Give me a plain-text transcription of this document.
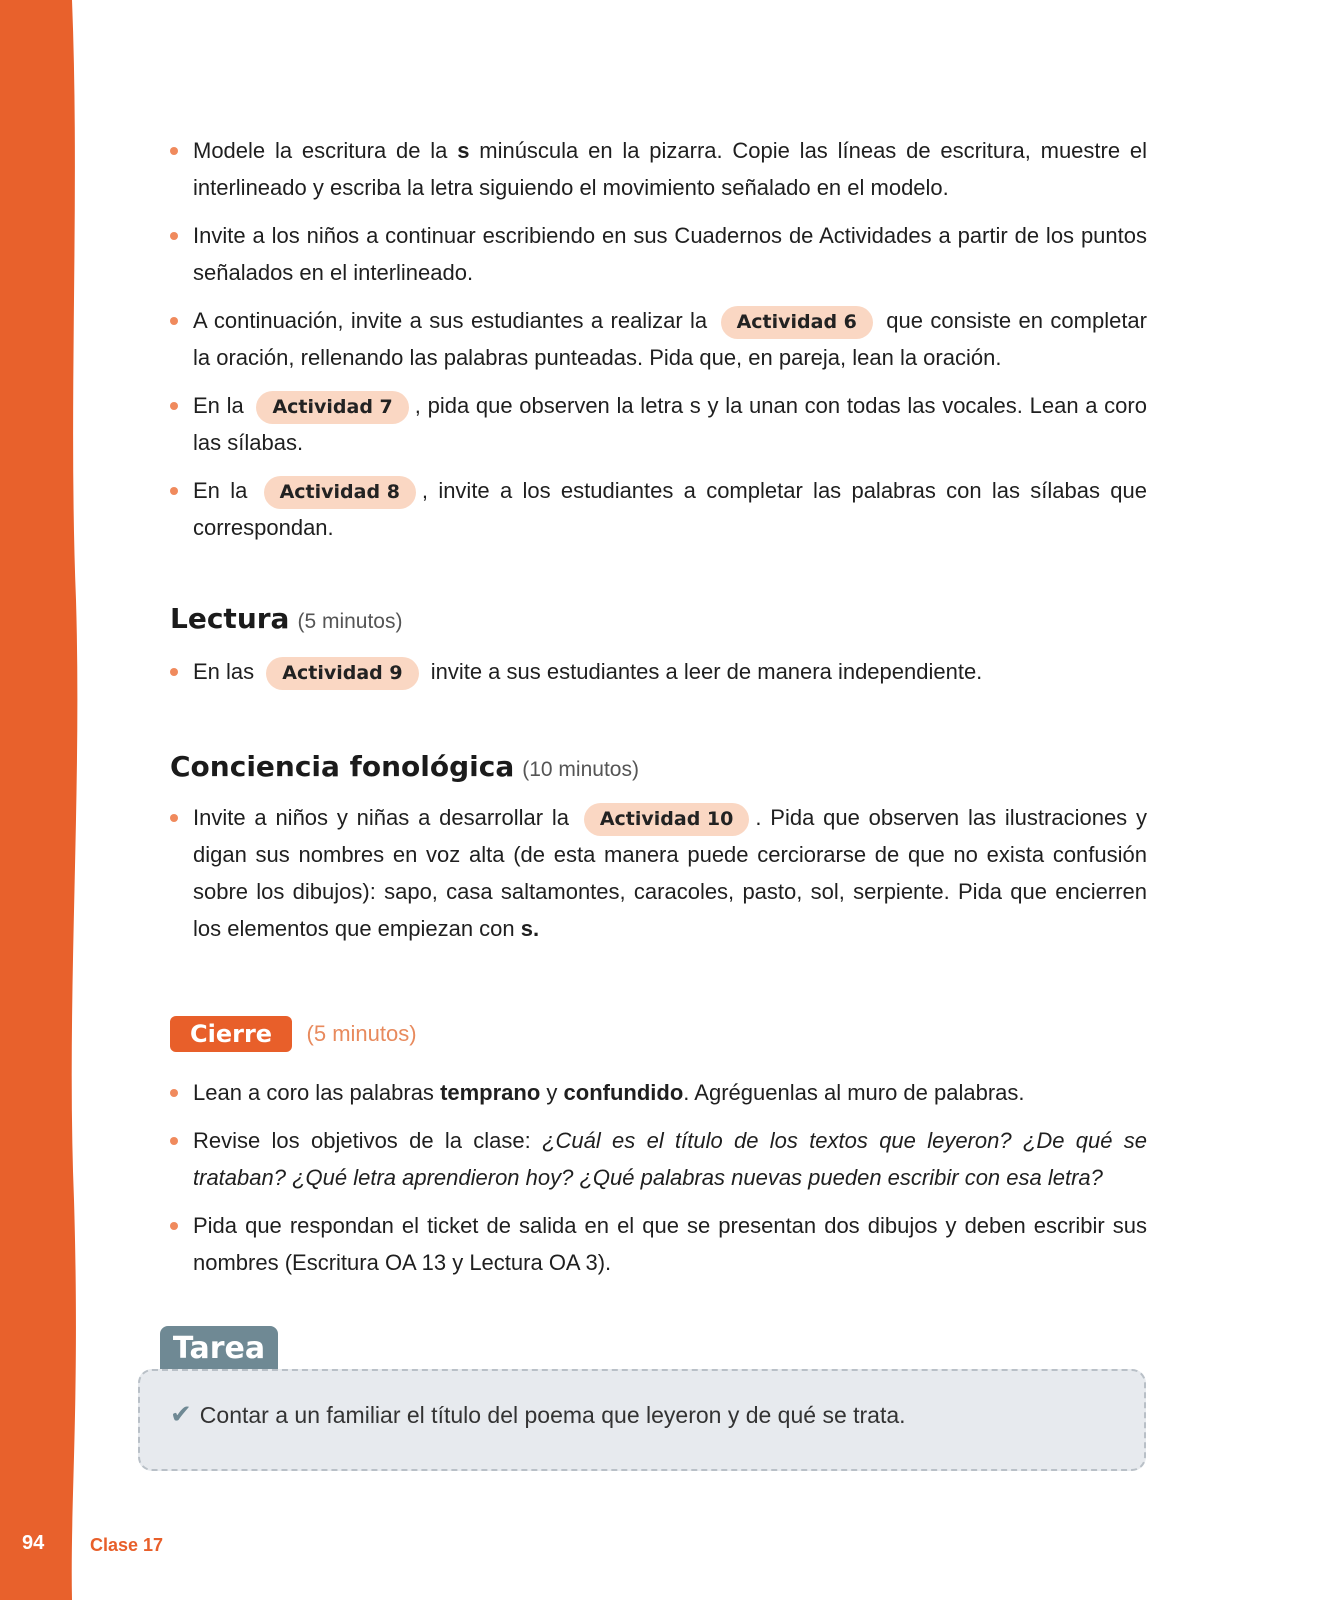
94	Clase 17
Modele la escritura de la s minúscula en la pizarra. Copie las líneas de escritura, muestre el interlineado y escriba la letra siguiendo el movimiento señalado en el modelo.
Invite a los niños a continuar escribiendo en sus Cuadernos de Actividades a partir de los puntos señalados en el interlineado.
A continuación, invite a sus estudiantes a realizar la Actividad 6 que consiste en completar la oración, rellenando las palabras punteadas. Pida que, en pareja, lean la oración.
En la Actividad 7 , pida que observen la letra s y la unan con todas las vocales. Lean a coro las sílabas.
En la Actividad 8 , invite a los estudiantes a completar las palabras con las sílabas que correspondan.
Lectura (5 minutos)
En las Actividad 9 invite a sus estudiantes a leer de manera independiente.
Conciencia fonológica (10 minutos)
Invite a niños y niñas a desarrollar la Actividad 10 . Pida que observen las ilustraciones y digan sus nombres en voz alta (de esta manera puede cerciorarse de que no exista confusión sobre los dibujos): sapo, casa saltamontes, caracoles, pasto, sol, serpiente. Pida que encierren los elementos que empiezan con s.
Cierre (5 minutos)
Lean a coro las palabras temprano y confundido. Agréguenlas al muro de palabras.
Revise los objetivos de la clase: ¿Cuál es el título de los textos que leyeron? ¿De qué se trataban? ¿Qué letra aprendieron hoy? ¿Qué palabras nuevas pueden escribir con esa letra?
Pida que respondan el ticket de salida en el que se presentan dos dibujos y deben escribir sus nombres (Escritura OA 13 y Lectura OA 3).
Tarea
✔ Contar a un familiar el título del poema que leyeron y de qué se trata.
